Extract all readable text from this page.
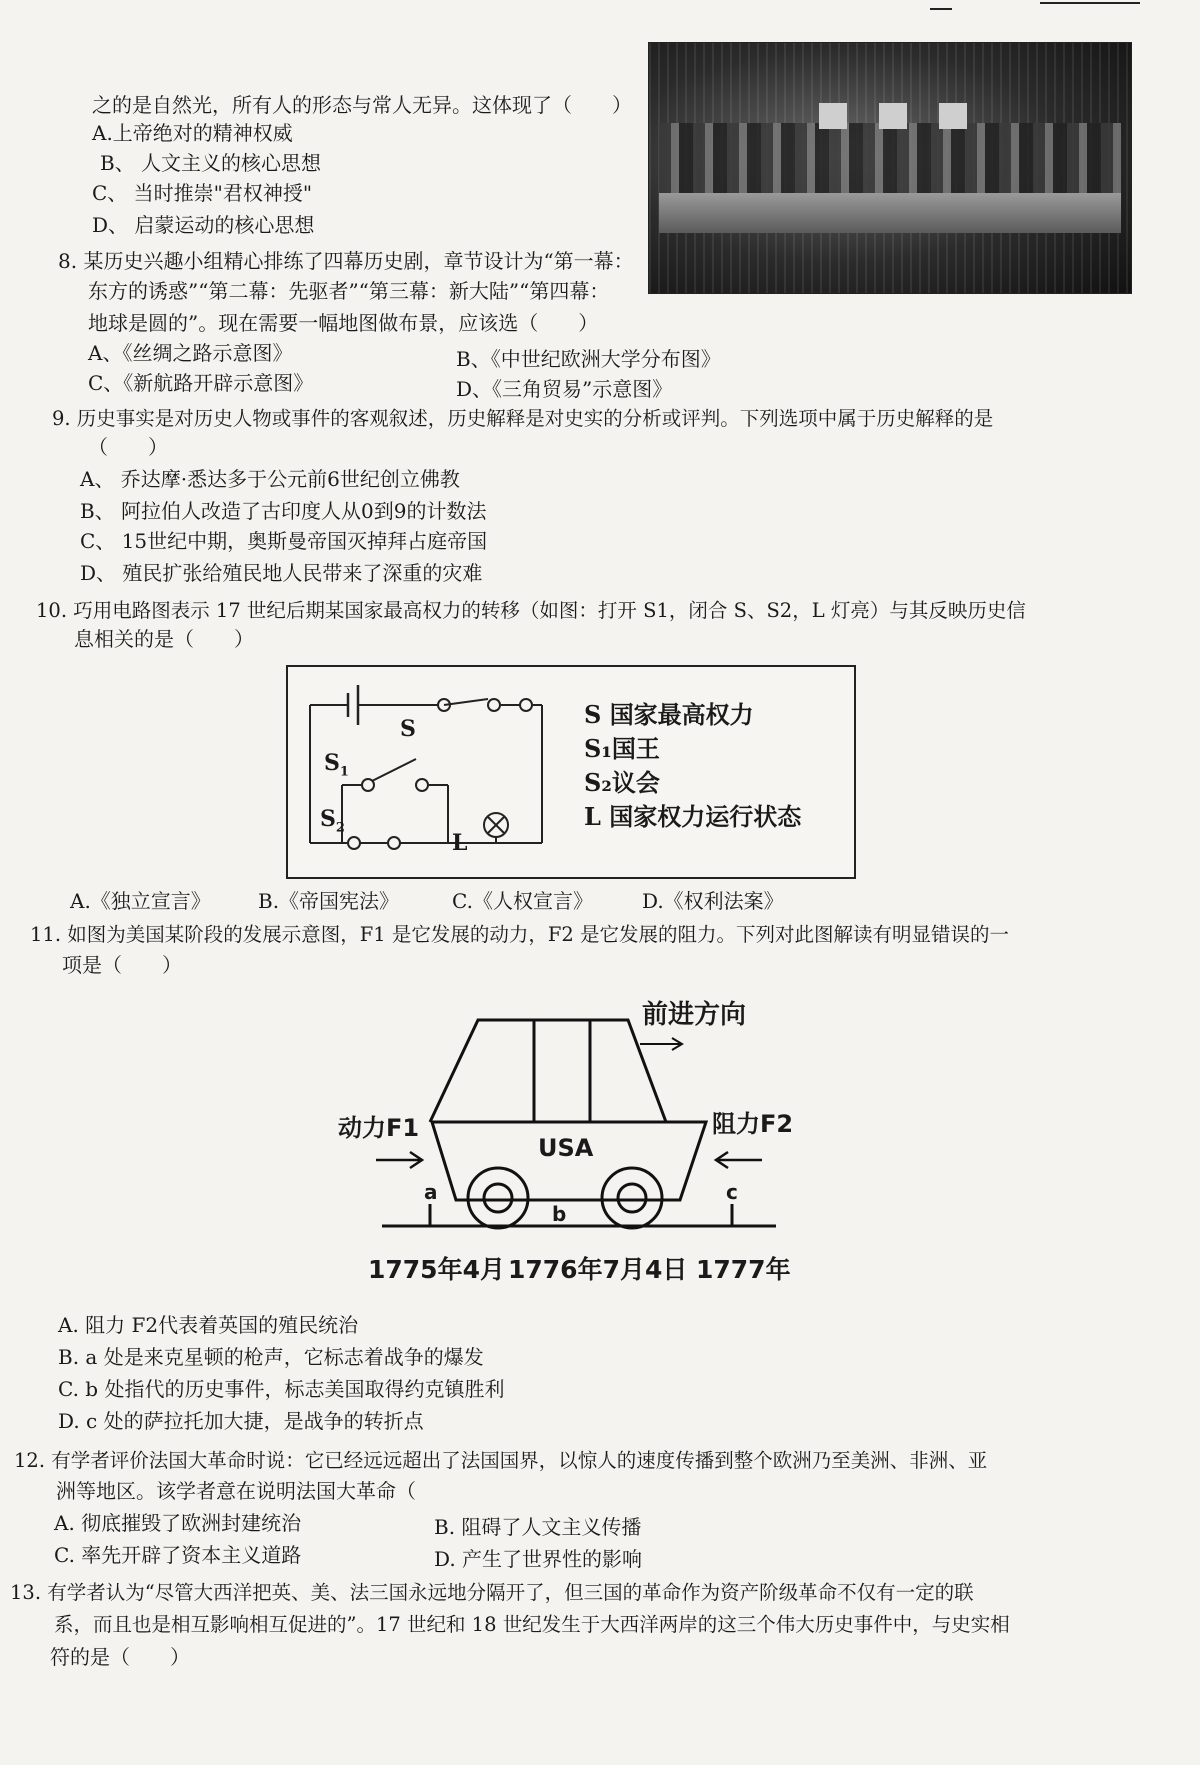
之的是自然光，所有人的形态与常人无异。这体现了（　　）
A.上帝绝对的精神权威
B、 人文主义的核心思想
C、 当时推崇"君权神授"
D、 启蒙运动的核心思想
8. 某历史兴趣小组精心排练了四幕历史剧，章节设计为“第一幕：
东方的诱惑”“第二幕：先驱者”“第三幕：新大陆”“第四幕：
地球是圆的”。现在需要一幅地图做布景，应该选（　　）
A、《丝绸之路示意图》	B、《中世纪欧洲大学分布图》
C、《新航路开辟示意图》	D、《三角贸易”示意图》
9. 历史事实是对历史人物或事件的客观叙述，历史解释是对史实的分析或评判。下列选项中属于历史解释的是
（　　）
A、 乔达摩·悉达多于公元前6世纪创立佛教
B、 阿拉伯人改造了古印度人从0到9的计数法
C、 15世纪中期，奥斯曼帝国灭掉拜占庭帝国
D、 殖民扩张给殖民地人民带来了深重的灾难
10. 巧用电路图表示 17 世纪后期某国家最高权力的转移（如图：打开 S1，闭合 S、S2，L 灯亮）与其反映历史信
息相关的是（　　）
S
$S_1$
$S_2$
L
S 国家最高权力
S₁国王
S₂议会
L 国家权力运行状态
A.《独立宣言》 B.《帝国宪法》	C.《人权宣言》 D.《权利法案》
11. 如图为美国某阶段的发展示意图，F1 是它发展的动力，F2 是它发展的阻力。下列对此图解读有明显错误的一
项是（　　）
前进方向
动力F1	阻力F2
USA
a
b
c
1775年4月 1776年7月4日 1777年
A. 阻力 F2代表着英国的殖民统治
B. a 处是来克星顿的枪声，它标志着战争的爆发
C. b 处指代的历史事件，标志美国取得约克镇胜利
D. c 处的萨拉托加大捷，是战争的转折点
12. 有学者评价法国大革命时说：它已经远远超出了法国国界，以惊人的速度传播到整个欧洲乃至美洲、非洲、亚
洲等地区。该学者意在说明法国大革命（
A. 彻底摧毁了欧洲封建统治	B. 阻碍了人文主义传播
C. 率先开辟了资本主义道路	D. 产生了世界性的影响
13. 有学者认为“尽管大西洋把英、美、法三国永远地分隔开了，但三国的革命作为资产阶级革命不仅有一定的联
系，而且也是相互影响相互促进的”。17 世纪和 18 世纪发生于大西洋两岸的这三个伟大历史事件中，与史实相
符的是（　　）
